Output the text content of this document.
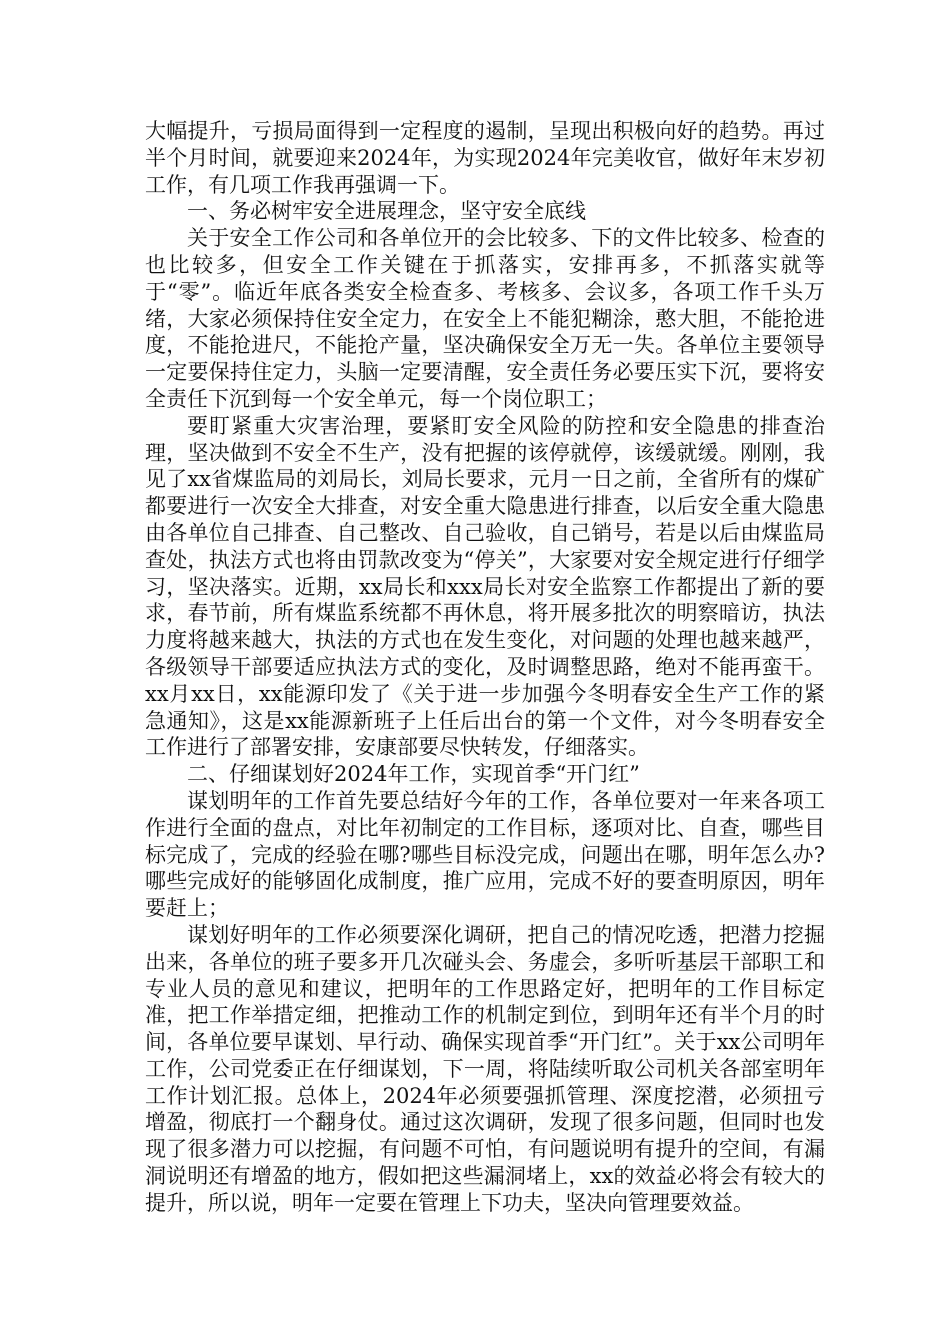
大幅提升，亏损局面得到一定程度的遏制，呈现出积极向好的趋势。再过半个月时间，就要迎来2024年，为实现2024年完美收官，做好年末岁初工作，有几项工作我再强调一下。

一、务必树牢安全进展理念，坚守安全底线

关于安全工作公司和各单位开的会比较多、下的文件比较多、检查的也比较多，但安全工作关键在于抓落实，安排再多，不抓落实就等于“零”。临近年底各类安全检查多、考核多、会议多，各项工作千头万绪，大家必须保持住安全定力，在安全上不能犯糊涂，憨大胆，不能抢进度，不能抢进尺，不能抢产量，坚决确保安全万无一失。各单位主要领导一定要保持住定力，头脑一定要清醒，安全责任务必要压实下沉，要将安全责任下沉到每一个安全单元，每一个岗位职工；

要盯紧重大灾害治理，要紧盯安全风险的防控和安全隐患的排查治理，坚决做到不安全不生产，没有把握的该停就停，该缓就缓。刚刚，我见了xx省煤监局的刘局长，刘局长要求，元月一日之前，全省所有的煤矿都要进行一次安全大排查，对安全重大隐患进行排查，以后安全重大隐患由各单位自己排查、自己整改、自己验收，自己销号，若是以后由煤监局查处，执法方式也将由罚款改变为“停关”，大家要对安全规定进行仔细学习，坚决落实。近期，xx局长和xxx局长对安全监察工作都提出了新的要求，春节前，所有煤监系统都不再休息，将开展多批次的明察暗访，执法力度将越来越大，执法的方式也在发生变化，对问题的处理也越来越严，各级领导干部要适应执法方式的变化，及时调整思路，绝对不能再蛮干。xx月xx日，xx能源印发了《关于进一步加强今冬明春安全生产工作的紧急通知》，这是xx能源新班子上任后出台的第一个文件，对今冬明春安全工作进行了部署安排，安康部要尽快转发，仔细落实。

二、仔细谋划好2024年工作，实现首季“开门红”

谋划明年的工作首先要总结好今年的工作，各单位要对一年来各项工作进行全面的盘点，对比年初制定的工作目标，逐项对比、自查，哪些目标完成了，完成的经验在哪?哪些目标没完成，问题出在哪，明年怎么办?哪些完成好的能够固化成制度，推广应用，完成不好的要查明原因，明年要赶上；

谋划好明年的工作必须要深化调研，把自己的情况吃透，把潜力挖掘出来，各单位的班子要多开几次碰头会、务虚会，多听听基层干部职工和专业人员的意见和建议，把明年的工作思路定好，把明年的工作目标定准，把工作举措定细，把推动工作的机制定到位，到明年还有半个月的时间，各单位要早谋划、早行动、确保实现首季“开门红”。关于xx公司明年工作，公司党委正在仔细谋划，下一周，将陆续听取公司机关各部室明年工作计划汇报。总体上，2024年必须要强抓管理、深度挖潜，必须扭亏增盈，彻底打一个翻身仗。通过这次调研，发现了很多问题，但同时也发现了很多潜力可以挖掘，有问题不可怕，有问题说明有提升的空间，有漏洞说明还有增盈的地方，假如把这些漏洞堵上，xx的效益必将会有较大的提升，所以说，明年一定要在管理上下功夫，坚决向管理要效益。
